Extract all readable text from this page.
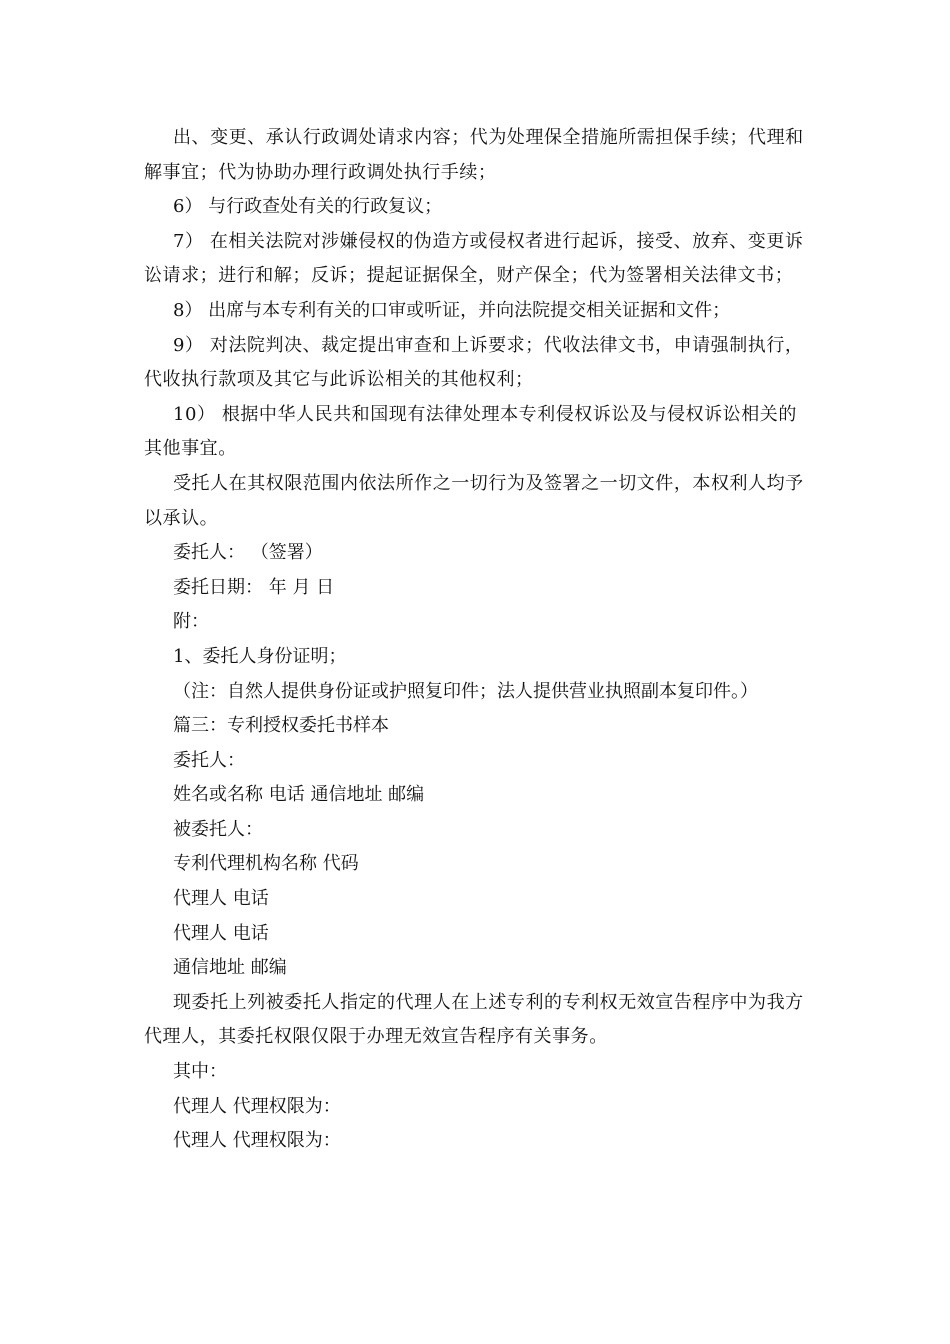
出、变更、承认行政调处请求内容；代为处理保全措施所需担保手续；代理和解事宜；代为协助办理行政调处执行手续；

6） 与行政查处有关的行政复议；

7） 在相关法院对涉嫌侵权的伪造方或侵权者进行起诉，接受、放弃、变更诉讼请求；进行和解；反诉；提起证据保全，财产保全；代为签署相关法律文书；

8） 出席与本专利有关的口审或听证，并向法院提交相关证据和文件；

9） 对法院判决、裁定提出审查和上诉要求；代收法律文书，申请强制执行，代收执行款项及其它与此诉讼相关的其他权利；

10） 根据中华人民共和国现有法律处理本专利侵权诉讼及与侵权诉讼相关的其他事宜。

受托人在其权限范围内依法所作之一切行为及签署之一切文件，本权利人均予以承认。

委托人： （签署）

委托日期： 年 月 日

附：

1、委托人身份证明；

（注：自然人提供身份证或护照复印件；法人提供营业执照副本复印件。）

篇三：专利授权委托书样本

委托人：

姓名或名称 电话 通信地址 邮编

被委托人：

专利代理机构名称 代码

代理人 电话

代理人 电话

通信地址 邮编

现委托上列被委托人指定的代理人在上述专利的专利权无效宣告程序中为我方代理人，其委托权限仅限于办理无效宣告程序有关事务。

其中：

代理人 代理权限为：

代理人 代理权限为：
